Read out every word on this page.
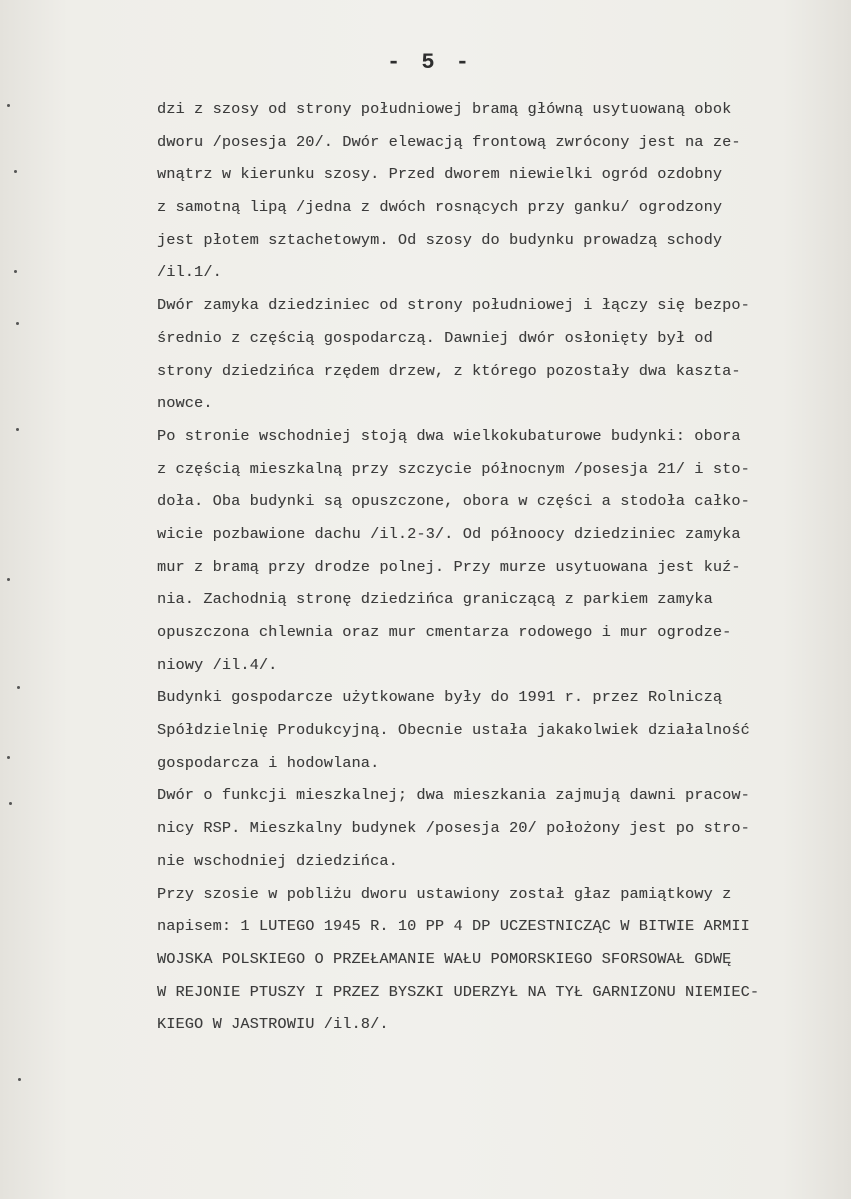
- 5 -
dzi z szosy od strony południowej bramą główną usytuowaną obok
dworu /posesja 20/. Dwór elewacją frontową zwrócony jest na ze-
wnątrz w kierunku szosy. Przed dworem niewielki ogród ozdobny
z samotną lipą /jedna z dwóch rosnących przy ganku/ ogrodzony
jest płotem sztachetowym. Od szosy do budynku prowadzą schody
/il.1/.
Dwór zamyka dziedziniec od strony południowej i łączy się bezpo-
średnio z częścią gospodarczą. Dawniej dwór osłonięty był od
strony dziedzińca rzędem drzew, z którego pozostały dwa kaszta-
nowce.
Po stronie wschodniej stoją dwa wielkokubaturowe budynki: obora
z częścią mieszkalną przy szczycie północnym /posesja 21/ i sto-
doła. Oba budynki są opuszczone, obora w części a stodoła całko-
wicie pozbawione dachu /il.2-3/. Od półnoocy dziedziniec zamyka
mur z bramą przy drodze polnej. Przy murze usytuowana jest kuź-
nia. Zachodnią stronę dziedzińca graniczącą z parkiem zamyka
opuszczona chlewnia oraz mur cmentarza rodowego i mur ogrodze-
niowy /il.4/.
Budynki gospodarcze użytkowane były do 1991 r. przez Rolniczą
Spółdzielnię Produkcyjną. Obecnie ustała jakakolwiek działalność
gospodarcza i hodowlana.
Dwór o funkcji mieszkalnej; dwa mieszkania zajmują dawni pracow-
nicy RSP. Mieszkalny budynek /posesja 20/ położony jest po stro-
nie wschodniej dziedzińca.
Przy szosie w pobliżu dworu ustawiony został głaz pamiątkowy z
napisem: 1 LUTEGO 1945 R. 10 PP 4 DP UCZESTNICZĄC W BITWIE ARMII
WOJSKA POLSKIEGO O PRZEŁAMANIE WAŁU POMORSKIEGO SFORSOWAŁ GDWĘ
W REJONIE PTUSZY I PRZEZ BYSZKI UDERZYŁ NA TYŁ GARNIZONU NIEMIEC-
KIEGO W JASTROWIU /il.8/.
